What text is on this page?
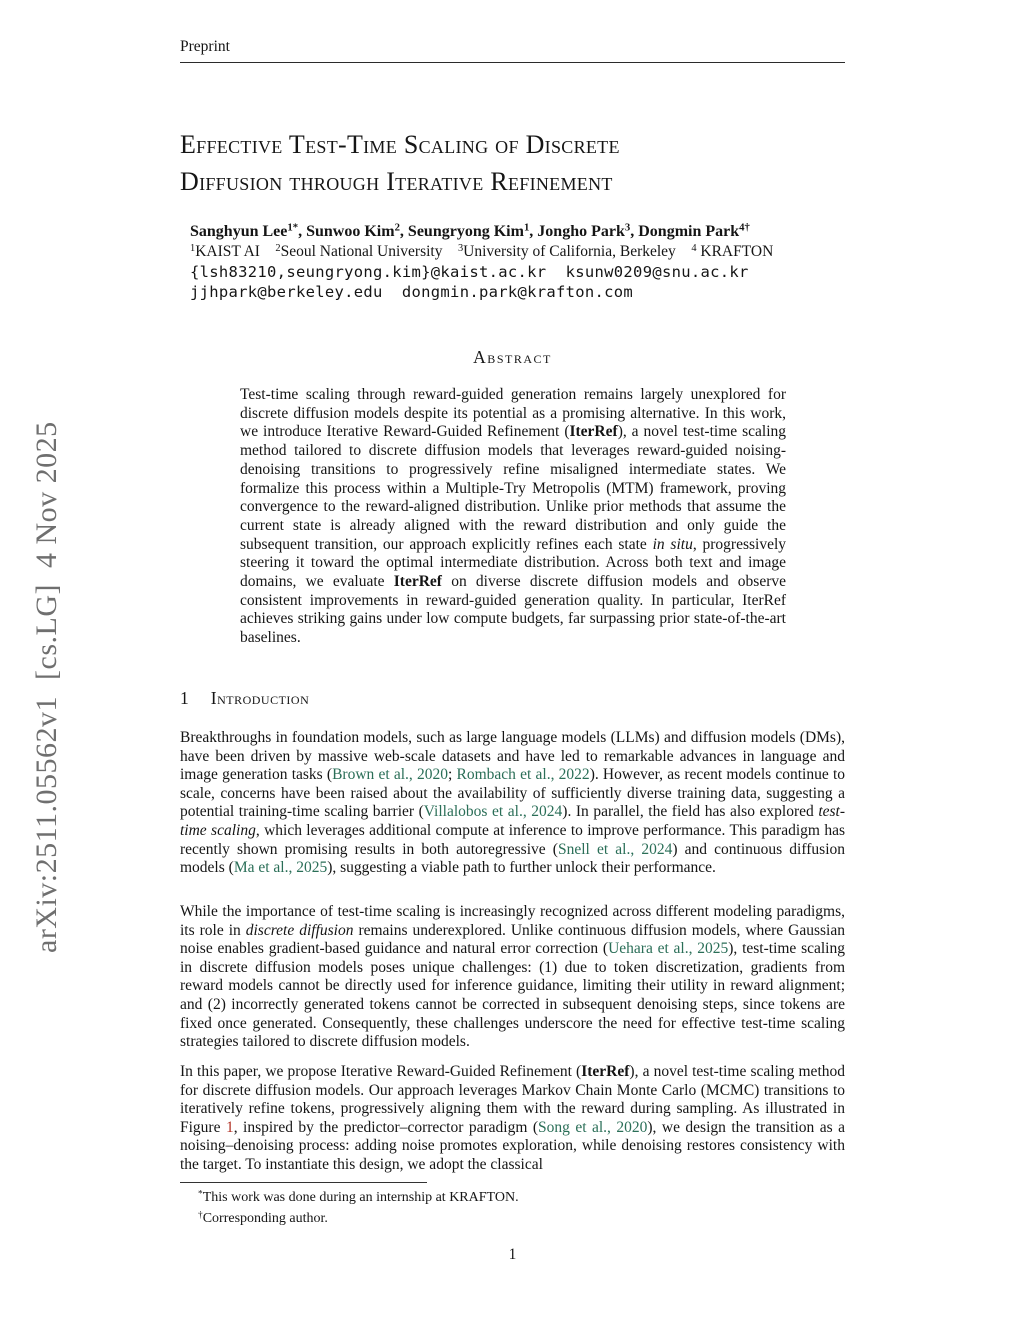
arXiv:2511.05562v1  [cs.LG]  4 Nov 2025
Preprint
Effective Test-Time Scaling of Discrete
Diffusion through Iterative Refinement
Sanghyun Lee$^{1*}$, Sunwoo Kim$^2$, Seungryong Kim$^1$, Jongho Park$^3$, Dongmin Park$^{4\dagger}$
$^1$KAIST AI    $^2$Seoul National University    $^3$University of California, Berkeley    $^4$ KRAFTON
{lsh83210,seungryong.kim}@kaist.ac.kr  ksunw0209@snu.ac.kr
jjhpark@berkeley.edu  dongmin.park@krafton.com
Abstract

Test-time scaling through reward-guided generation remains largely unexplored for discrete diffusion models despite its potential as a promising alternative. In this work, we introduce Iterative Reward-Guided Refinement (IterRef), a novel test-time scaling method tailored to discrete diffusion models that leverages reward-guided noising-denoising transitions to progressively refine misaligned intermediate states. We formalize this process within a Multiple-Try Metropolis (MTM) framework, proving convergence to the reward-aligned distribution. Unlike prior methods that assume the current state is already aligned with the reward distribution and only guide the subsequent transition, our approach explicitly refines each state in situ, progressively steering it toward the optimal intermediate distribution. Across both text and image domains, we evaluate IterRef on diverse discrete diffusion models and observe consistent improvements in reward-guided generation quality. In particular, IterRef achieves striking gains under low compute budgets, far surpassing prior state-of-the-art baselines.

1 Introduction

Breakthroughs in foundation models, such as large language models (LLMs) and diffusion models (DMs), have been driven by massive web-scale datasets and have led to remarkable advances in language and image generation tasks (Brown et al., 2020; Rombach et al., 2022). However, as recent models continue to scale, concerns have been raised about the availability of sufficiently diverse training data, suggesting a potential training-time scaling barrier (Villalobos et al., 2024). In parallel, the field has also explored test-time scaling, which leverages additional compute at inference to improve performance. This paradigm has recently shown promising results in both autoregressive (Snell et al., 2024) and continuous diffusion models (Ma et al., 2025), suggesting a viable path to further unlock their performance.

While the importance of test-time scaling is increasingly recognized across different modeling paradigms, its role in discrete diffusion remains underexplored. Unlike continuous diffusion models, where Gaussian noise enables gradient-based guidance and natural error correction (Uehara et al., 2025), test-time scaling in discrete diffusion models poses unique challenges: (1) due to token discretization, gradients from reward models cannot be directly used for inference guidance, limiting their utility in reward alignment; and (2) incorrectly generated tokens cannot be corrected in subsequent denoising steps, since tokens are fixed once generated. Consequently, these challenges underscore the need for effective test-time scaling strategies tailored to discrete diffusion models.

In this paper, we propose Iterative Reward-Guided Refinement (IterRef), a novel test-time scaling method for discrete diffusion models. Our approach leverages Markov Chain Monte Carlo (MCMC) transitions to iteratively refine tokens, progressively aligning them with the reward during sampling. As illustrated in Figure 1, inspired by the predictor–corrector paradigm (Song et al., 2020), we design the transition as a noising–denoising process: adding noise promotes exploration, while denoising restores consistency with the target. To instantiate this design, we adopt the classical

*This work was done during an internship at KRAFTON.
†Corresponding author.
1
